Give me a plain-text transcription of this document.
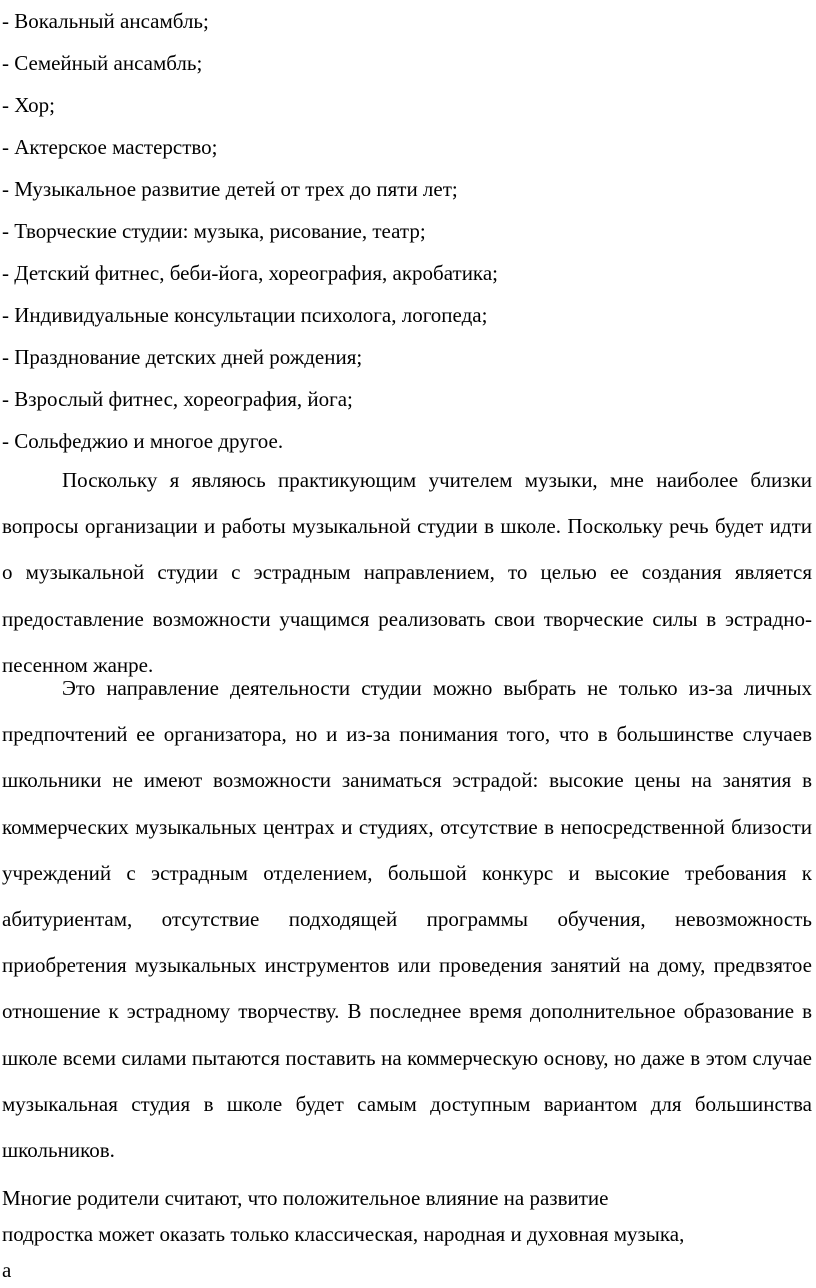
- Вокальный ансамбль;
- Семейный ансамбль;
- Хор;
- Актерское мастерство;
- Музыкальное развитие детей от трех до пяти лет;
- Творческие студии: музыка, рисование, театр;
- Детский фитнес, беби-йога, хореография, акробатика;
- Индивидуальные консультации психолога, логопеда;
- Празднование детских дней рождения;
- Взрослый фитнес, хореография, йога;
- Сольфеджио и многое другое.

Поскольку я являюсь практикующим учителем музыки, мне наиболее близки вопросы организации и работы музыкальной студии в школе. Поскольку речь будет идти о музыкальной студии с эстрадным направлением, то целью ее создания является предоставление возможности учащимся реализовать свои творческие силы в эстрадно-песенном жанре.

Это направление деятельности студии можно выбрать не только из-за личных предпочтений ее организатора, но и из-за понимания того, что в большинстве случаев школьники не имеют возможности заниматься эстрадой: высокие цены на занятия в коммерческих музыкальных центрах и студиях, отсутствие в непосредственной близости учреждений с эстрадным отделением, большой конкурс и высокие требования к абитуриентам, отсутствие подходящей программы обучения, невозможность приобретения музыкальных инструментов или проведения занятий на дому, предвзятое отношение к эстрадному творчеству. В последнее время дополнительное образование в школе всеми силами пытаются поставить на коммерческую основу, но даже в этом случае музыкальная студия в школе будет самым доступным вариантом для большинства школьников.

Многие родители считают, что положительное влияние на развитие
подростка может оказать только классическая, народная и духовная музыка,
а
